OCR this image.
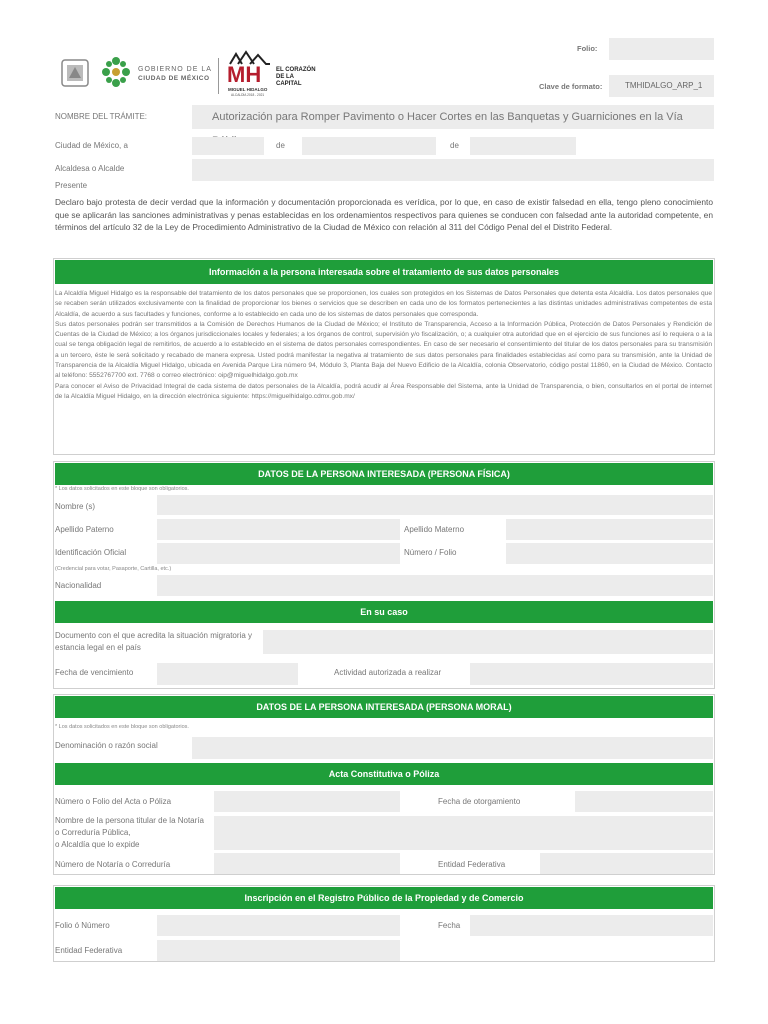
GOBIERNO DE LA
CIUDAD DE MÉXICO MH
MIGUEL HIDALGO
ALCALDÍA 2018 - 2021
EL CORAZÓN
DE LA
CAPITAL
Folio:
Clave de formato:	TMHIDALGO_ARP_1
NOMBRE DEL TRÁMITE:	Autorización para Romper Pavimento o Hacer Cortes en las Banquetas y Guarniciones en la Vía
Ciudad de México, a	de	de
Alcaldesa o Alcalde
Presente
Declaro bajo protesta de decir verdad que la información y documentación proporcionada es verídica, por lo que, en caso de existir falsedad en ella, tengo pleno conocimiento que se aplicarán las sanciones administrativas y penas establecidas en los ordenamientos respectivos para quienes se conducen con falsedad ante la autoridad competente, en términos del artículo 32 de la Ley de Procedimiento Administrativo de la Ciudad de México con relación al 311 del Código Penal del el Distrito Federal.
Información a la persona interesada sobre el tratamiento de sus datos personales
La Alcaldía Miguel Hidalgo es la responsable del tratamiento de los datos personales que se proporcionen, los cuales son protegidos en los Sistemas de Datos Personales que detenta esta Alcaldía. Los datos personales que se recaben serán utilizados exclusivamente con la finalidad de proporcionar los bienes o servicios que se describen en cada uno de los formatos pertenecientes a las distintas unidades administrativas competentes de esta Alcaldía, de acuerdo a sus facultades y funciones, conforme a lo establecido en cada uno de los sistemas de datos personales que corresponda.
Sus datos personales podrán ser transmitidos a la Comisión de Derechos Humanos de la Ciudad de México; el Instituto de Transparencia, Acceso a la Información Pública, Protección de Datos Personales y Rendición de Cuentas de la Ciudad de México; a los órganos jurisdiccionales locales y federales; a los órganos de control, supervisión y/o fiscalización, o; a cualquier otra autoridad que en el ejercicio de sus funciones así lo requiera o a la cual se tenga obligación legal de remitirlos, de acuerdo a lo establecido en el sistema de datos personales correspondientes. En caso de ser necesario el consentimiento del titular de los datos personales para su transmisión a un tercero, éste le será solicitado y recabado de manera expresa. Usted podrá manifestar la negativa al tratamiento de sus datos personales para finalidades establecidas así como para su transmisión, ante la Unidad de Transparencia de la Alcaldía Miguel Hidalgo, ubicada en Avenida Parque Lira número 94, Módulo 3, Planta Baja del Nuevo Edificio de la Alcaldía, colonia Observatorio, código postal 11860, en la Ciudad de México. Contacto al teléfono: 5552767700 ext. 7768 o correo electrónico: oip@miguelhidalgo.gob.mx
Para conocer el Aviso de Privacidad Integral de cada sistema de datos personales de la Alcaldía, podrá acudir al Área Responsable del Sistema, ante la Unidad de Transparencia, o bien, consultarlos en el portal de internet de la Alcaldía Miguel Hidalgo, en la dirección electrónica siguiente: https://miguelhidalgo.cdmx.gob.mx/
DATOS DE LA PERSONA INTERESADA (PERSONA FÍSICA)
* Los datos solicitados en este bloque son obligatorios.
Nombre (s)
Apellido Paterno	Apellido Materno
Identificación Oficial	Número / Folio
(Credencial para votar, Pasaporte, Cartilla, etc.)
Nacionalidad
En su caso
Documento con el que acredita la situación migratoria y
estancia legal en el país
Fecha de vencimiento	Actividad autorizada a realizar
DATOS DE LA PERSONA INTERESADA (PERSONA MORAL)
* Los datos solicitados en este bloque son obligatorios.
Denominación o razón social
Acta Constitutiva o Póliza
Número o Folio del Acta o Póliza	Fecha de otorgamiento
Nombre de la persona titular de la Notaría
o Correduría Pública,
o Alcaldía que lo expide
Número de Notaría o Correduría	Entidad Federativa
Inscripción en el Registro Público de la Propiedad y de Comercio
Folio ó Número	Fecha
Entidad Federativa
